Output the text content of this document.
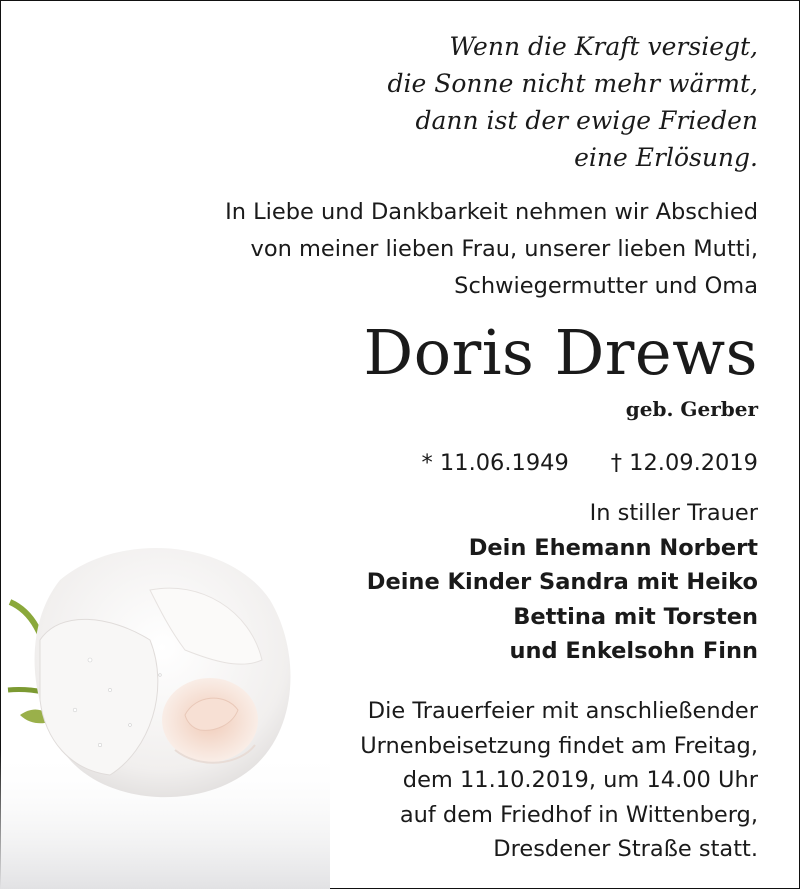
Wenn die Kraft versiegt,
die Sonne nicht mehr wärmt,
dann ist der ewige Frieden
eine Erlösung.
In Liebe und Dankbarkeit nehmen wir Abschied
von meiner lieben Frau, unserer lieben Mutti,
Schwiegermutter und Oma
Doris Drews
geb. Gerber
* 11.06.1949 † 12.09.2019
In stiller Trauer
Dein Ehemann Norbert
Deine Kinder Sandra mit Heiko
Bettina mit Torsten
und Enkelsohn Finn
Die Trauerfeier mit anschließender
Urnenbeisetzung findet am Freitag,
dem 11.10.2019, um 14.00 Uhr
auf dem Friedhof in Wittenberg,
Dresdener Straße statt.
